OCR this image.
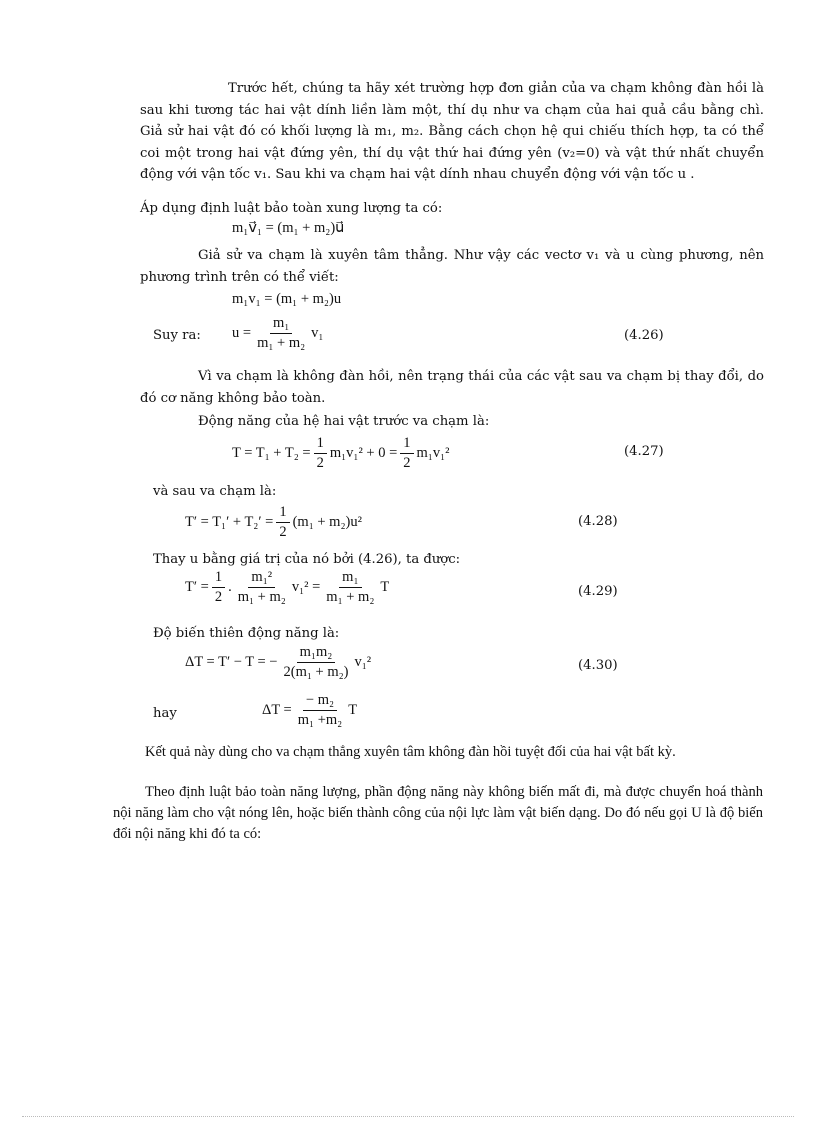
Trước hết, chúng ta hãy xét trường hợp đơn giản của va chạm không đàn hồi là sau khi tương tác hai vật dính liền làm một, thí dụ như va chạm của hai quả cầu bằng chì. Giả sử hai vật đó có khối lượng là m₁, m₂. Bằng cách chọn hệ qui chiếu thích hợp, ta có thể coi một trong hai vật đứng yên, thí dụ vật thứ hai đứng yên (v₂=0) và vật thứ nhất chuyển động với vận tốc v₁. Sau khi va chạm hai vật dính nhau chuyển động với vận tốc u .
Áp dụng định luật bảo toàn xung lượng ta có:
m₁v⃗₁ = (m₁ + m₂)u⃗
Giả sử va chạm là xuyên tâm thẳng. Như vậy các vectơ v₁ và u cùng phương, nên phương trình trên có thể viết:
m₁v₁ = (m₁ + m₂)u
Suy ra: $u = \frac{\text{m₁}}{\text{m₁ + m₂}} v_1$	(4.26)
Vì va chạm là không đàn hồi, nên trạng thái của các vật sau va chạm bị thay đổi, do đó cơ năng không bảo toàn.
Động năng của hệ hai vật trước va chạm là:
$T = T_1 + T_2 = \frac{1}{2} m_1v_1^2 + 0 = \frac{1}{2} m_1v_1^2$	(4.27)
và sau va chạm là:
$T' = T_1' + T_2' = \frac{1}{2} (m_1 + m_2)u^2$	(4.28)
Thay u bằng giá trị của nó bởi (4.26), ta được:
$T' = \frac{1}{2}$ . $\frac{\text{m₁²}}{\text{m₁ + m₂}} v_1^2 = \frac{\text{m₁}}{\text{m₁ + m₂}}$ T	(4.29)
Độ biến thiên động năng là:
ΔT = T′ − T = − $\frac{\text{m₁m₂}}{\text{2(m₁ + m₂)}} v_1^2$	(4.30)
hay	$\Delta T = \frac{\text{− m₂}}{\text{m₁ +m₂}}$ T
Kết quả này dùng cho va chạm thẳng xuyên tâm không đàn hồi tuyệt đối của hai vật bất kỳ.
Theo định luật bảo toàn năng lượng, phần động năng này không biến mất đi, mà được chuyển hoá thành nội năng làm cho vật nóng lên, hoặc biến thành công của nội lực làm vật biến dạng. Do đó nếu gọi U là độ biến đổi nội năng khi đó ta có:
